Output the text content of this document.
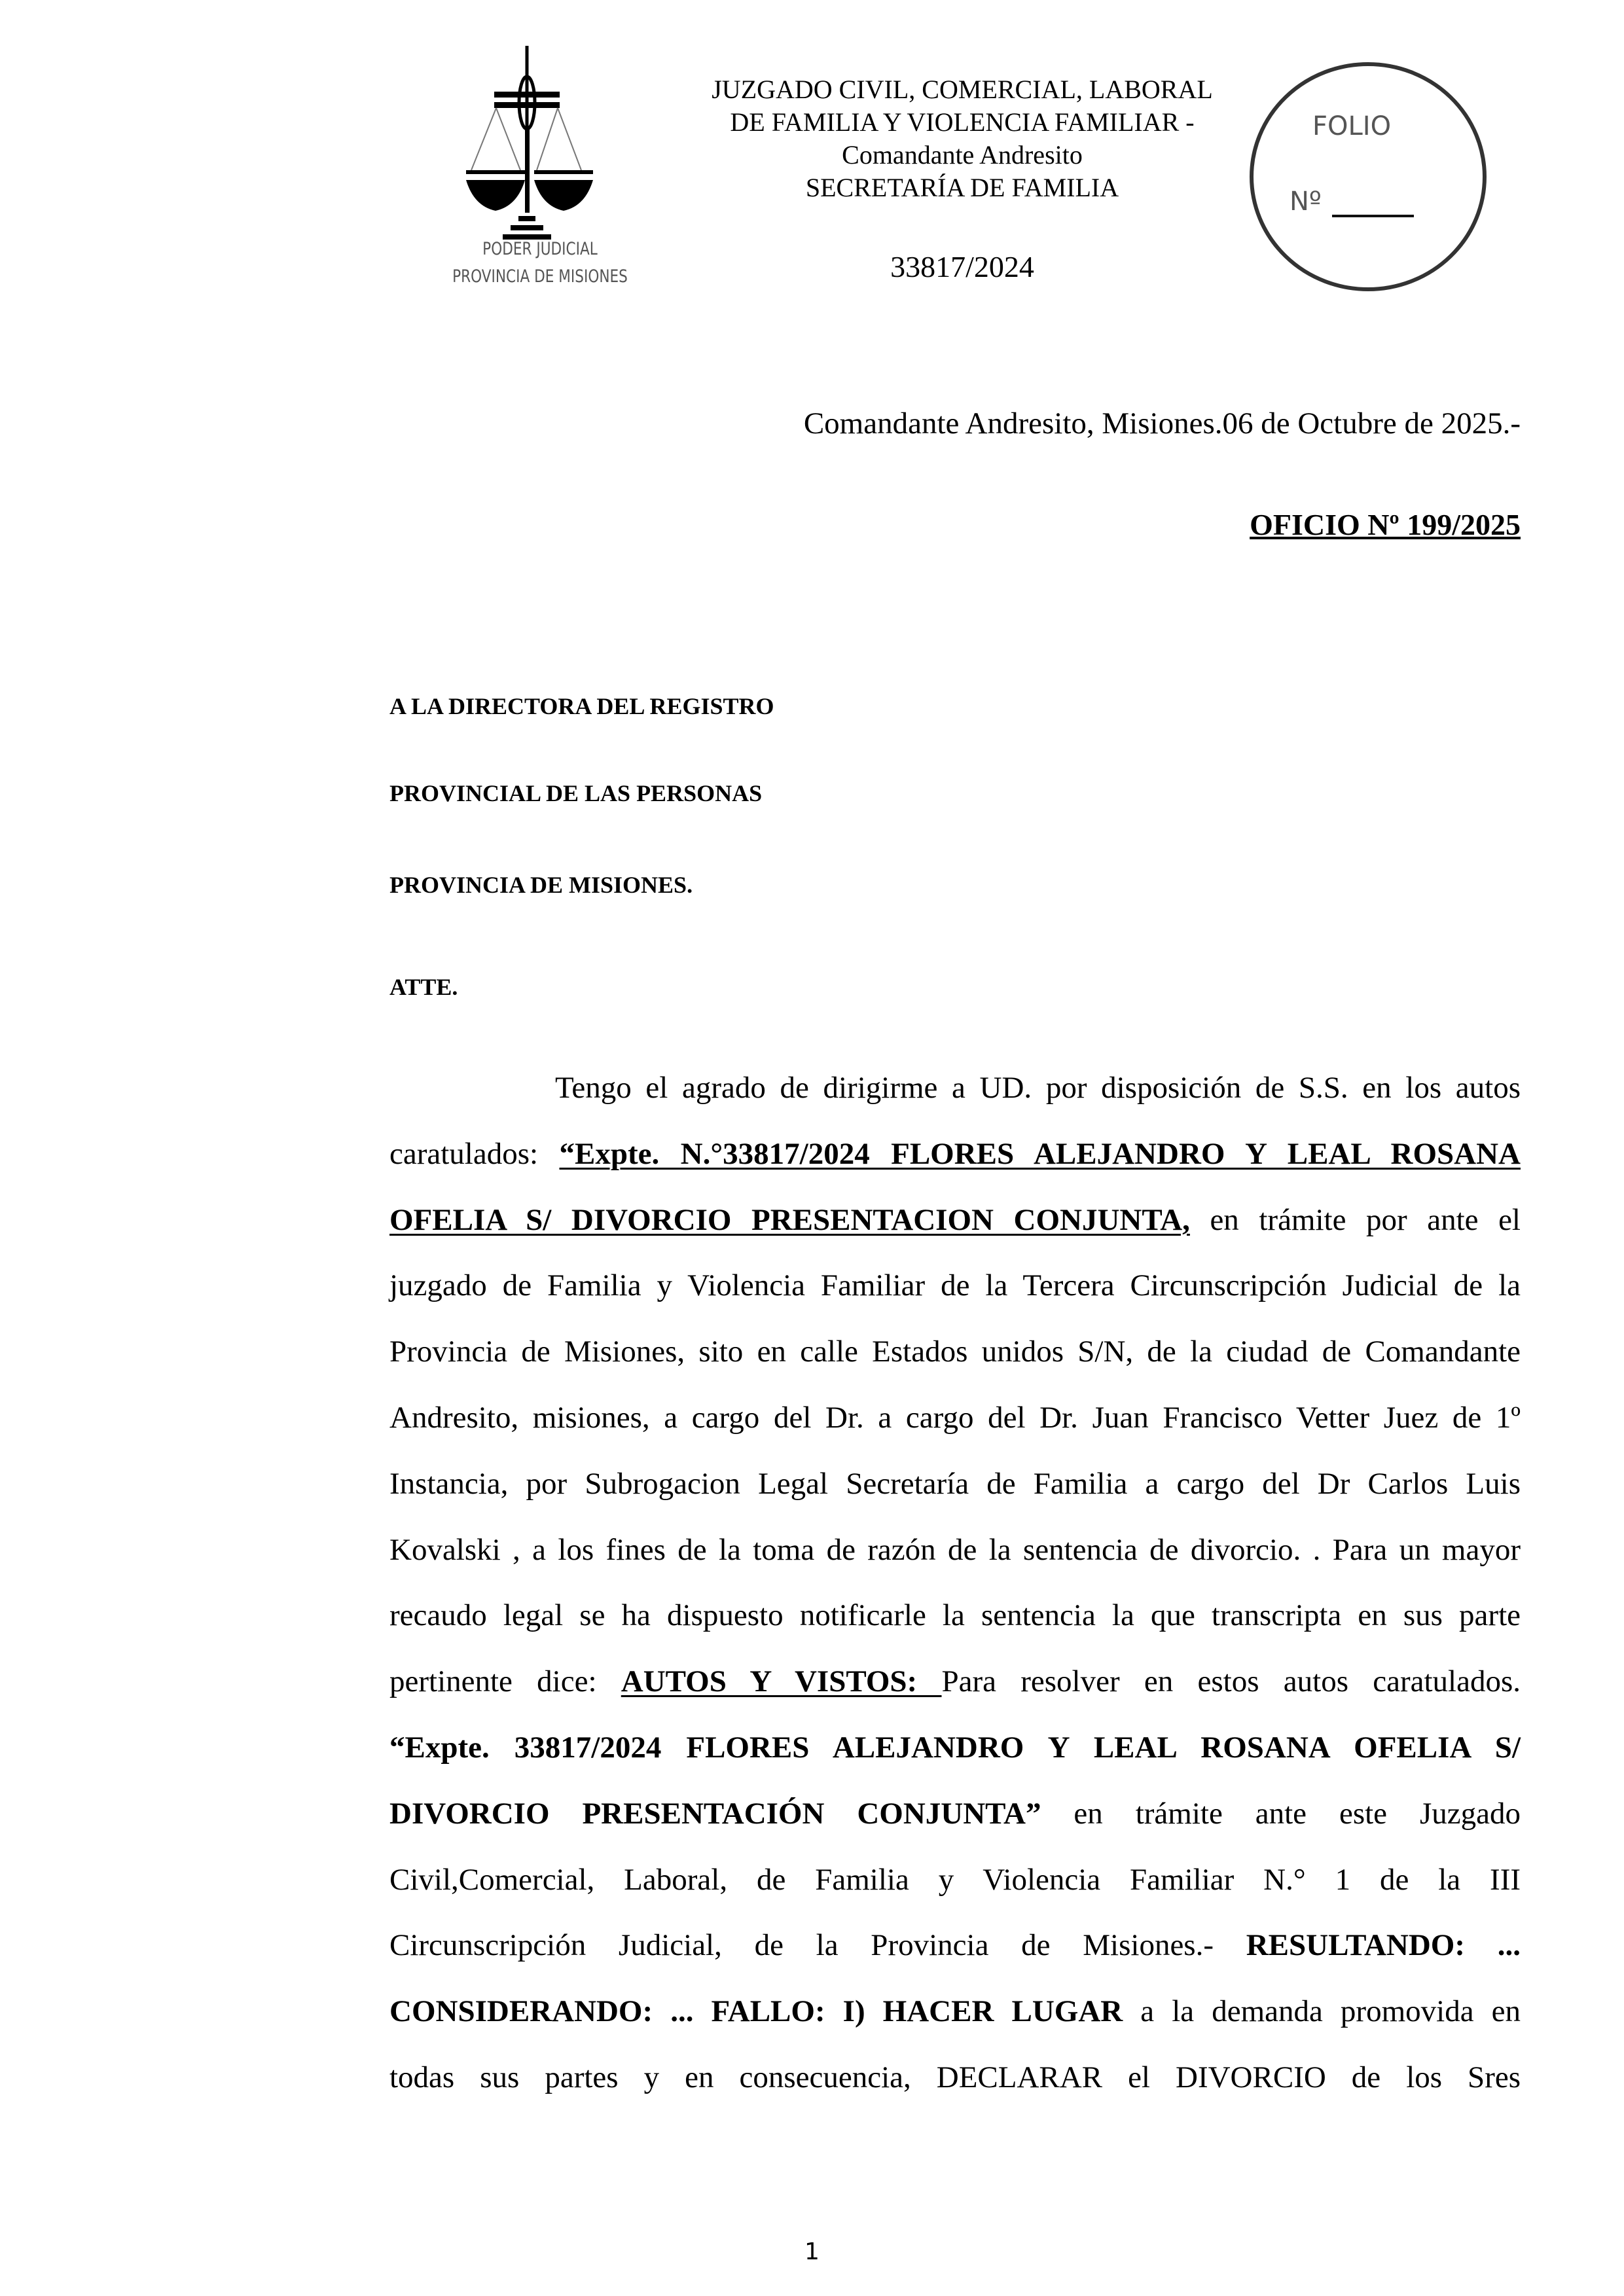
PODER JUDICIAL
PROVINCIA DE MISIONES
JUZGADO CIVIL, COMERCIAL, LABORAL
DE FAMILIA Y VIOLENCIA FAMILIAR -
Comandante Andresito
SECRETARÍA DE FAMILIA
33817/2024
FOLIO
Nº
Comandante Andresito, Misiones.06 de Octubre de 2025.-
OFICIO Nº 199/2025
A LA DIRECTORA DEL REGISTRO
PROVINCIAL DE LAS PERSONAS
PROVINCIA DE MISIONES.
ATTE.
Tengo el agrado de dirigirme a UD. por disposición de S.S. en los autos
caratulados: “Expte. N.°33817/2024 FLORES ALEJANDRO Y LEAL ROSANA
OFELIA S/ DIVORCIO PRESENTACION CONJUNTA, en trámite por ante el
juzgado de Familia y Violencia Familiar de la Tercera Circunscripción Judicial de la
Provincia de Misiones, sito en calle Estados unidos S/N, de la ciudad de Comandante
Andresito, misiones, a cargo del Dr. a cargo del Dr. Juan Francisco Vetter Juez de 1º
Instancia, por Subrogacion Legal Secretaría de Familia a cargo del Dr Carlos Luis
Kovalski , a los fines de la toma de razón de la sentencia de divorcio. . Para un mayor
recaudo legal se ha dispuesto notificarle la sentencia la que transcripta en sus parte
pertinente dice: AUTOS Y VISTOS: Para resolver en estos autos caratulados.
“Expte. 33817/2024 FLORES ALEJANDRO Y LEAL ROSANA OFELIA S/
DIVORCIO PRESENTACIÓN CONJUNTA” en trámite ante este Juzgado
Civil,Comercial, Laboral, de Familia y Violencia Familiar N.° 1 de la III
Circunscripción Judicial, de la Provincia de Misiones.- RESULTANDO: ...
CONSIDERANDO: ... FALLO: I) HACER LUGAR a la demanda promovida en
todas sus partes y en consecuencia, DECLARAR el DIVORCIO de los Sres
1
